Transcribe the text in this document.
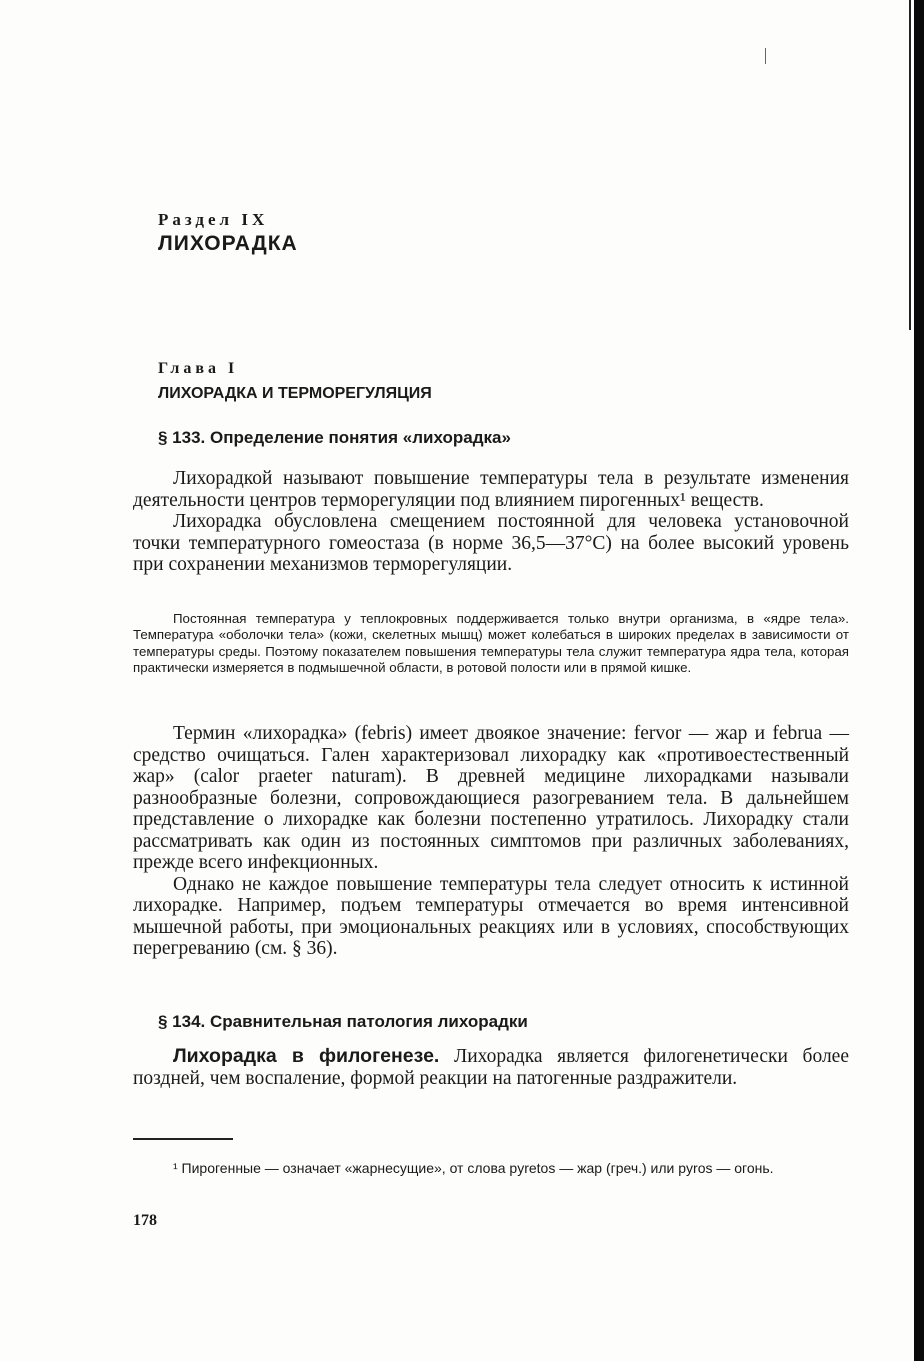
Раздел IX
ЛИХОРАДКА
Глава I
ЛИХОРАДКА И ТЕРМОРЕГУЛЯЦИЯ
§ 133. Определение понятия «лихорадка»

Лихорадкой называют повышение температуры тела в результате изменения деятельности центров терморегуляции под влиянием пирогенных¹ веществ.

Лихорадка обусловлена смещением постоянной для человека установочной точки температурного гомеостаза (в норме 36,5—37°С) на более высокий уровень при сохранении механизмов терморегуляции.

Постоянная температура у теплокровных поддерживается только внутри организма, в «ядре тела». Температура «оболочки тела» (кожи, скелетных мышц) может колебаться в широких пределах в зависимости от температуры среды. Поэтому показателем повышения температуры тела служит температура ядра тела, которая практически измеряется в подмышечной области, в ротовой полости или в прямой кишке.

Термин «лихорадка» (febris) имеет двоякое значение: fervor — жар и februa — средство очищаться. Гален характеризовал лихорадку как «противоестественный жар» (calor praeter naturam). В древней медицине лихорадками называли разнообразные болезни, сопровождающиеся разогреванием тела. В дальнейшем представление о лихорадке как болезни постепенно утратилось. Лихорадку стали рассматривать как один из постоянных симптомов при различных заболеваниях, прежде всего инфекционных.

Однако не каждое повышение температуры тела следует относить к истинной лихорадке. Например, подъем температуры отмечается во время интенсивной мышечной работы, при эмоциональных реакциях или в условиях, способствующих перегреванию (см. § 36).

§ 134. Сравнительная патология лихорадки

Лихорадка в филогенезе. Лихорадка является филогенетически более поздней, чем воспаление, формой реакции на патогенные раздражители.

¹ Пирогенные — означает «жарнесущие», от слова pyretos — жар (греч.) или pyros — огонь.

178
